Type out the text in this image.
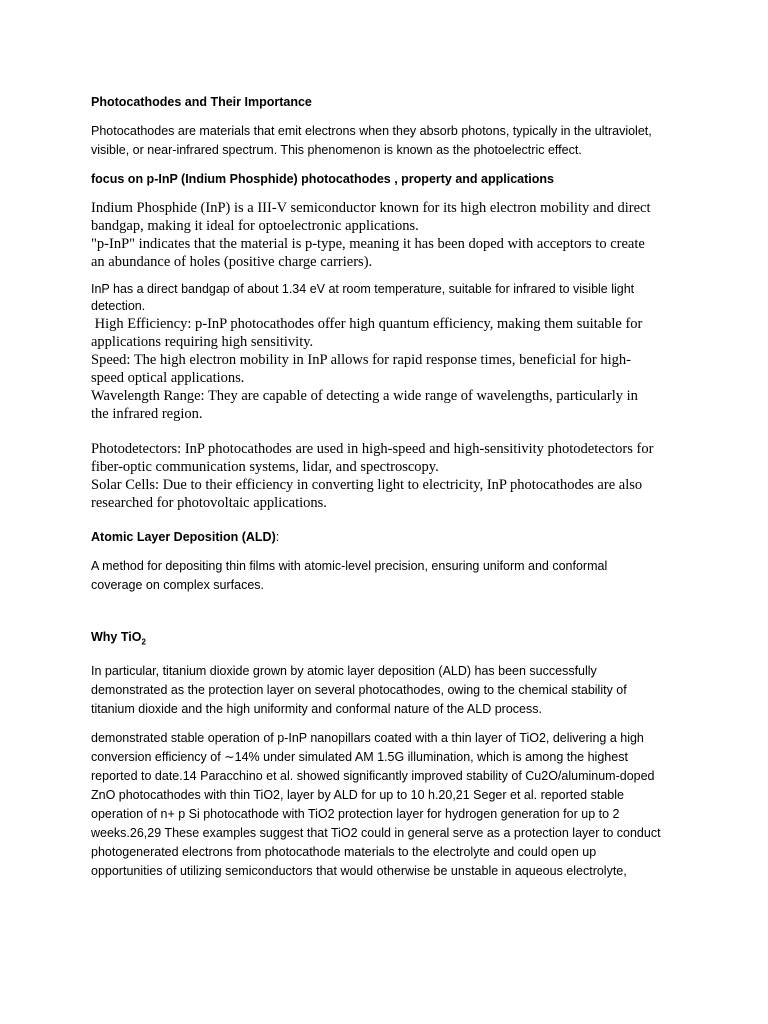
Photocathodes and Their Importance

Photocathodes are materials that emit electrons when they absorb photons, typically in the ultraviolet,
visible, or near-infrared spectrum. This phenomenon is known as the photoelectric effect.

focus on p-InP (Indium Phosphide) photocathodes , property and applications

Indium Phosphide (InP) is a III-V semiconductor known for its high electron mobility and direct
bandgap, making it ideal for optoelectronic applications.
"p-InP" indicates that the material is p-type, meaning it has been doped with acceptors to create
an abundance of holes (positive charge carriers).

InP has a direct bandgap of about 1.34 eV at room temperature, suitable for infrared to visible light
detection.

High Efficiency: p-InP photocathodes offer high quantum efficiency, making them suitable for
applications requiring high sensitivity.
Speed: The high electron mobility in InP allows for rapid response times, beneficial for high-
speed optical applications.
Wavelength Range: They are capable of detecting a wide range of wavelengths, particularly in
the infrared region.

Photodetectors: InP photocathodes are used in high-speed and high-sensitivity photodetectors for
fiber-optic communication systems, lidar, and spectroscopy.
Solar Cells: Due to their efficiency in converting light to electricity, InP photocathodes are also
researched for photovoltaic applications.

Atomic Layer Deposition (ALD):

A method for depositing thin films with atomic-level precision, ensuring uniform and conformal
coverage on complex surfaces.

Why TiO$_2$

In particular, titanium dioxide grown by atomic layer deposition (ALD) has been successfully
demonstrated as the protection layer on several photocathodes, owing to the chemical stability of
titanium dioxide and the high uniformity and conformal nature of the ALD process.

demonstrated stable operation of p-InP nanopillars coated with a thin layer of TiO2, delivering a high
conversion efficiency of ∼14% under simulated AM 1.5G illumination, which is among the highest
reported to date.14 Paracchino et al. showed significantly improved stability of Cu2O/aluminum-doped
ZnO photocathodes with thin TiO2, layer by ALD for up to 10 h.20,21 Seger et al. reported stable
operation of n+ p Si photocathode with TiO2 protection layer for hydrogen generation for up to 2
weeks.26,29 These examples suggest that TiO2 could in general serve as a protection layer to conduct
photogenerated electrons from photocathode materials to the electrolyte and could open up
opportunities of utilizing semiconductors that would otherwise be unstable in aqueous electrolyte,
